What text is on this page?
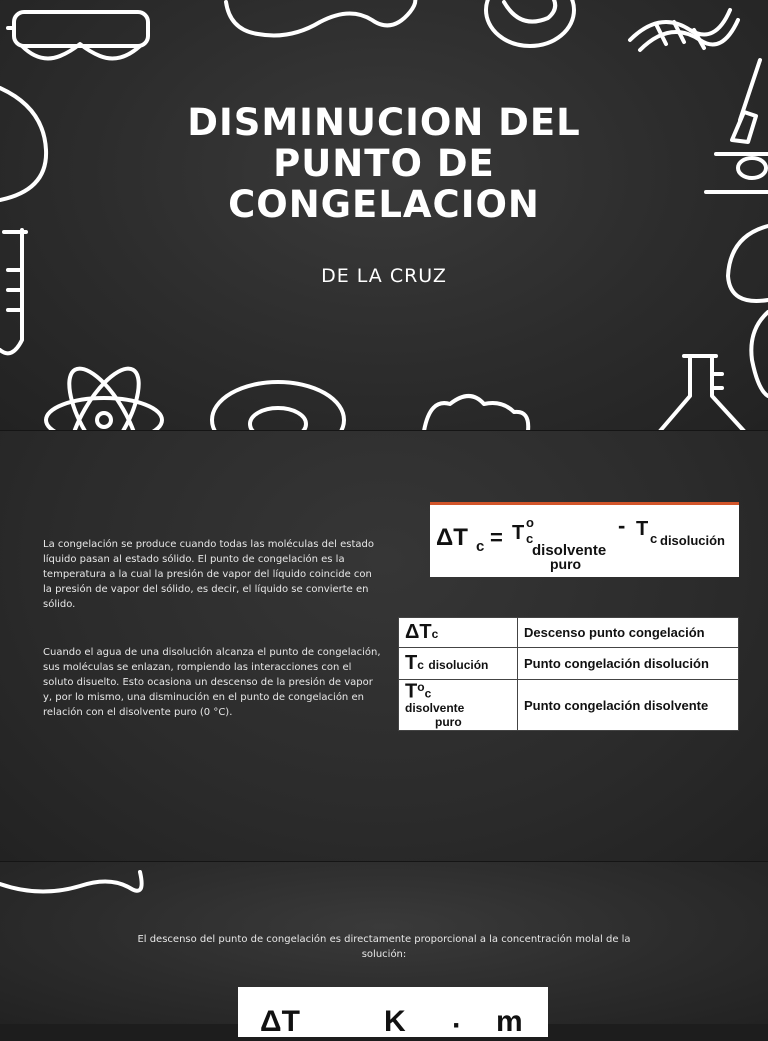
DISMINUCION DEL
PUNTO DE
CONGELACION
DE LA CRUZ
La congelación se produce cuando todas las moléculas del estado líquido pasan al estado sólido. El punto de congelación es la temperatura a la cual la presión de vapor del líquido coincide con la presión de vapor del sólido, es decir, el líquido se convierte en sólido.
Cuando el agua de una disolución alcanza el punto de congelación, sus moléculas se enlazan, rompiendo las interacciones con el soluto disuelto. Esto ocasiona un descenso de la presión de vapor y, por lo mismo, una disminución en el punto de congelación en relación con el disolvente puro (0 °C).
ΔT c = T o
c
disolvente
puro
- T c disolución
ΔTc	Descenso punto congelación
Tc disolución	Punto congelación disolución
$T^oc$
disolvente
puro	Punto congelación disolvente
El descenso del punto de congelación es directamente proporcional a la concentración molal de la solución:
ΔT	K · m
